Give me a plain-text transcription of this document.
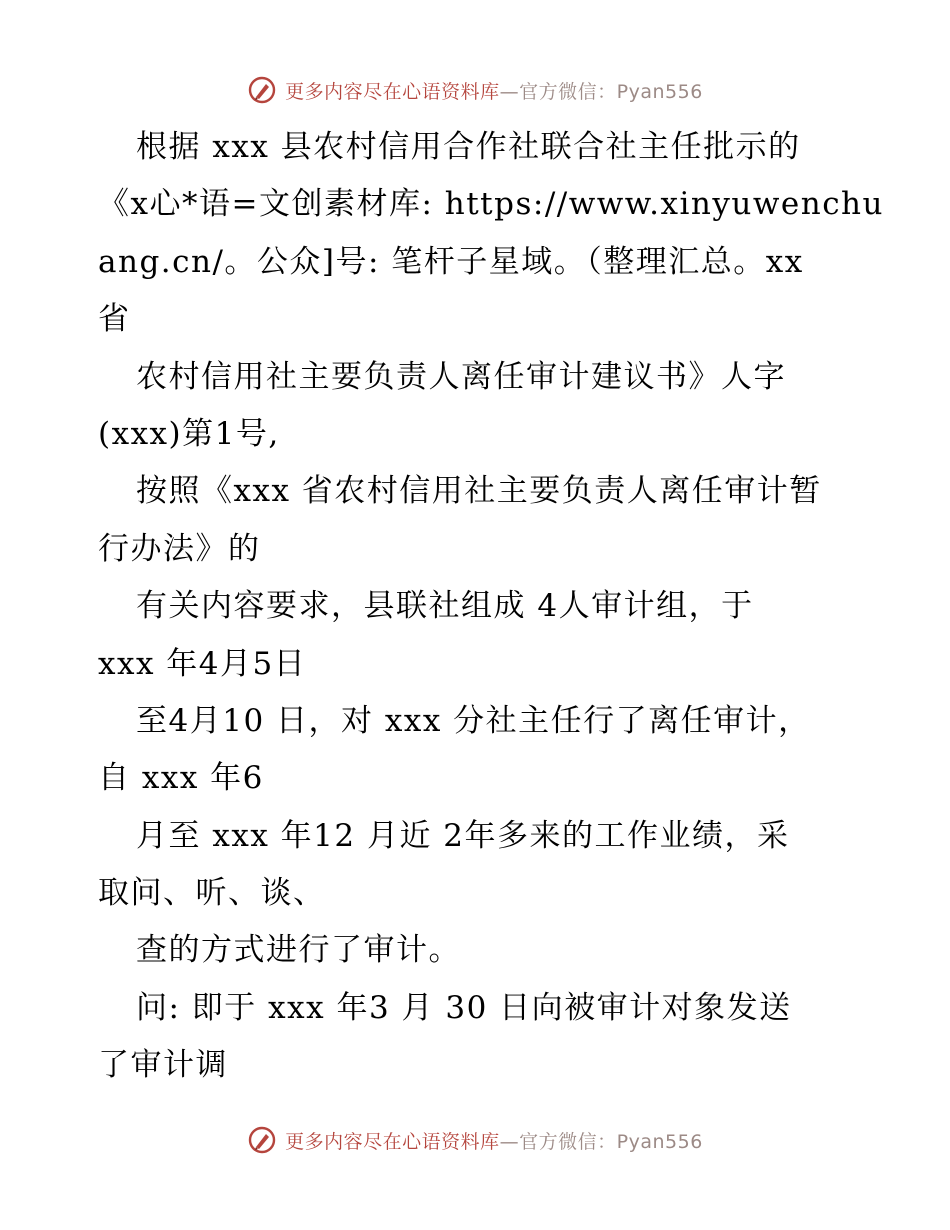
更多内容尽在心语资料库—官方微信：Pyan556
根据 xxx 县农村信用合作社联合社主任批示的
《x心*语=文创素材库: https://www.xinyuwenchu
ang.cn/。公众]号: 笔杆子星域。（整理汇总。xx
省
农村信用社主要负责人离任审计建议书》人字
(xxx)第1号,
按照《xxx 省农村信用社主要负责人离任审计暂
行办法》的
有关内容要求，县联社组成 4人审计组，于
xxx 年4月5日
至4月10 日，对 xxx 分社主任行了离任审计，
自 xxx 年6
月至 xxx 年12 月近 2年多来的工作业绩，采
取问、听、谈、
查的方式进行了审计。
问: 即于 xxx 年3 月 30 日向被审计对象发送
了审计调
更多内容尽在心语资料库—官方微信：Pyan556
